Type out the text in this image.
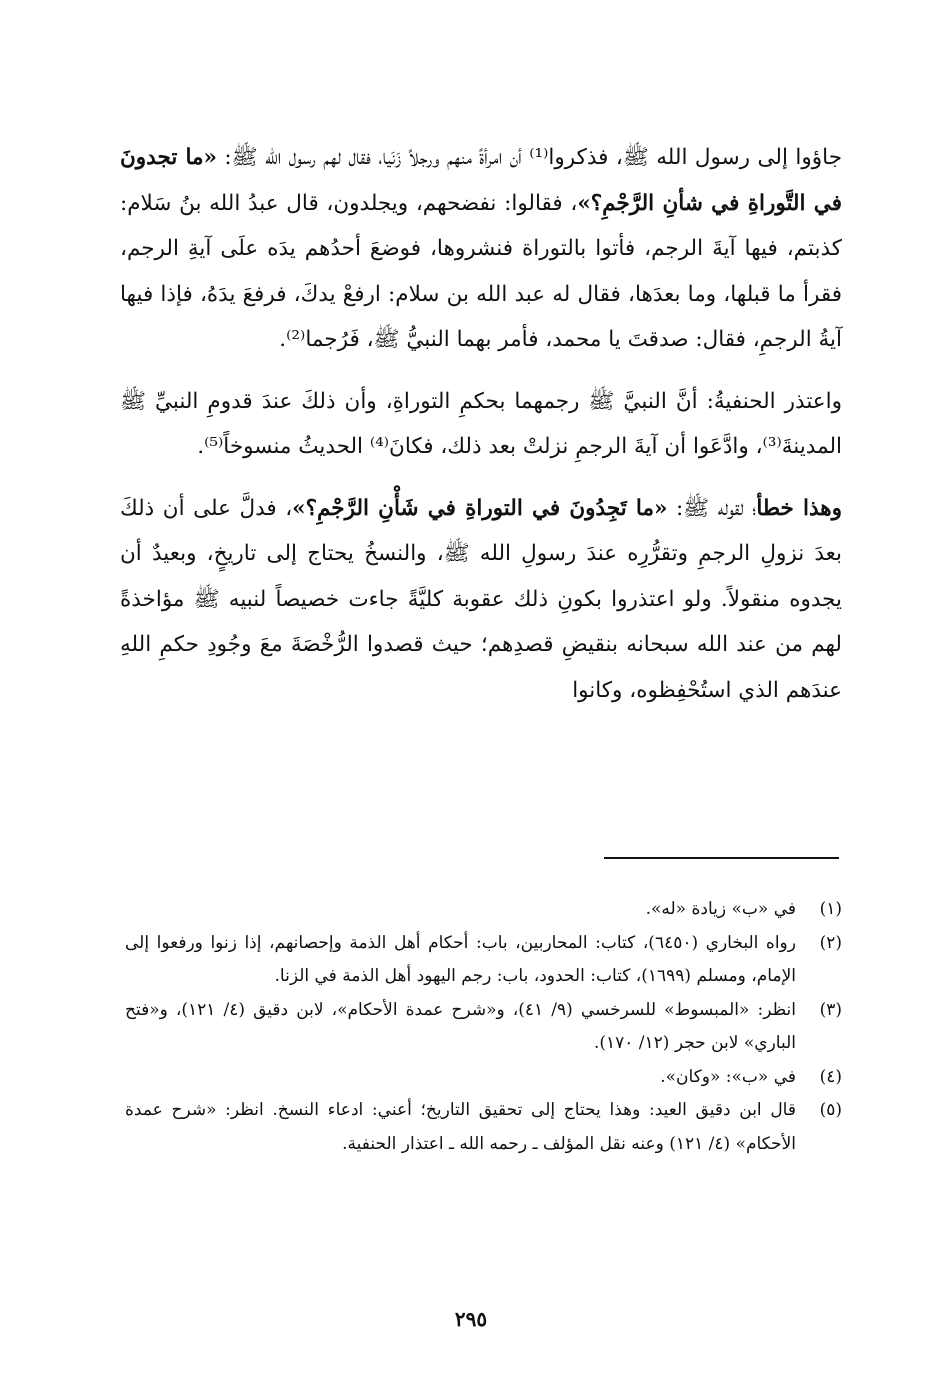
جاؤوا إلى رسول الله ﷺ، فذكروا⁽¹⁾ أن امرأةً منهم ورجلاً زَنَيا، فقال لهم رسول الله ﷺ: «ما تجدونَ في التَّوراةِ في شأنِ الرَّجْمِ؟»، فقالوا: نفضحهم، ويجلدون، قال عبدُ الله بنُ سَلام: كذبتم، فيها آيةَ الرجم، فأتوا بالتوراة فنشروها، فوضعَ أحدُهم يدَه علَى آيةِ الرجم، فقرأ ما قبلها، وما بعدَها، فقال له عبد الله بن سلام: ارفعْ يدكَ، فرفعَ يدَهُ، فإذا فيها آيةُ الرجمِ، فقال: صدقتَ يا محمد، فأمر بهما النبيُّ ﷺ، فَرُجما⁽²⁾.

واعتذر الحنفيةُ: أنَّ النبيَّ ﷺ رجمهما بحكمِ التوراةِ، وأن ذلكَ عندَ قدومِ النبيِّ ﷺ المدينةَ⁽³⁾، وادَّعَوا أن آيةَ الرجمِ نزلتْ بعد ذلك، فكانَ⁽⁴⁾ الحديثُ منسوخاً⁽⁵⁾.

وهذا خطأ؛ لقوله ﷺ: «ما تَجِدُونَ في التوراةِ في شَأْنِ الرَّجْمِ؟»، فدلَّ على أن ذلكَ بعدَ نزولِ الرجمِ وتقرُّرِه عندَ رسولِ الله ﷺ، والنسخُ يحتاج إلى تاريخٍ، وبعيدٌ أن يجدوه منقولاً. ولو اعتذروا بكونِ ذلك عقوبة كليَّةً جاءت خصيصاً لنبيه ﷺ مؤاخذةً لهم من عند الله سبحانه بنقيضِ قصدِهم؛ حيث قصدوا الرُّخْصَةَ معَ وجُودِ حكمِ اللهِ عندَهم الذي استُحْفِظوه، وكانوا

(١)
في «ب» زيادة «له».
(٢)
رواه البخاري (٦٤٥٠)، كتاب: المحاربين، باب: أحكام أهل الذمة وإحصانهم، إذا زنوا ورفعوا إلى الإمام، ومسلم (١٦٩٩)، كتاب: الحدود، باب: رجم اليهود أهل الذمة في الزنا.
(٣)
انظر: «المبسوط» للسرخسي (٩/ ٤١)، و«شرح عمدة الأحكام»، لابن دقيق (٤/ ١٢١)، و«فتح الباري» لابن حجر (١٢/ ١٧٠).
(٤)
في «ب»: «وكان».
(٥)
قال ابن دقيق العيد: وهذا يحتاج إلى تحقيق التاريخ؛ أعني: ادعاء النسخ. انظر: «شرح عمدة الأحكام» (٤/ ١٢١) وعنه نقل المؤلف ـ رحمه الله ـ اعتذار الحنفية.
٢٩٥
